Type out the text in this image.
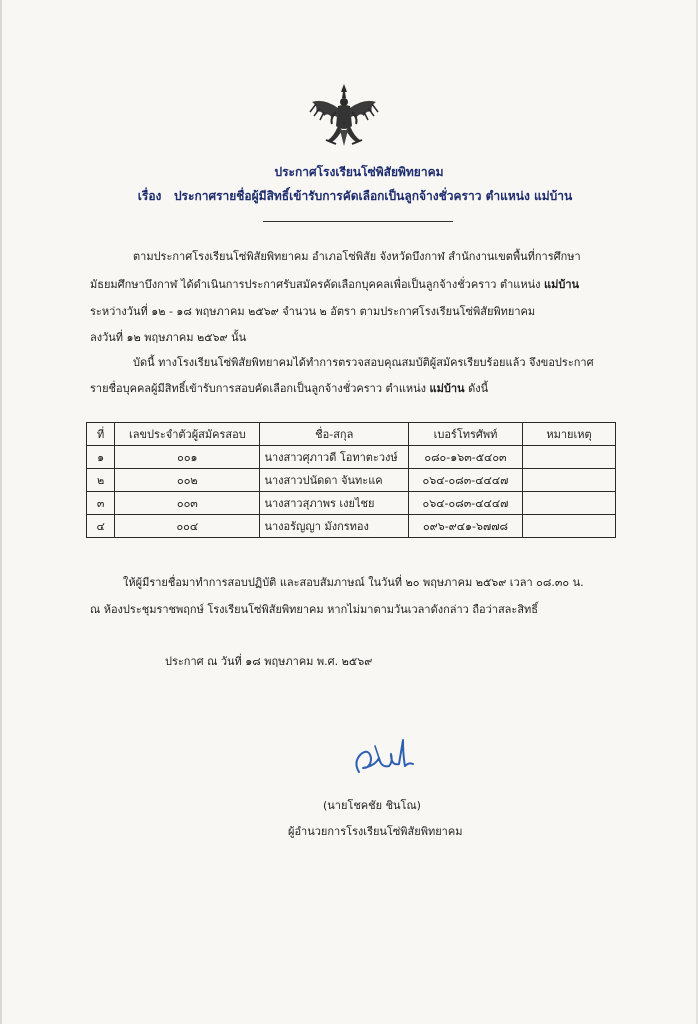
ประกาศโรงเรียนโซ่พิสัยพิทยาคม
เรื่อง ประกาศรายชื่อผู้มีสิทธิ์เข้ารับการคัดเลือกเป็นลูกจ้างชั่วคราว ตำแหน่ง แม่บ้าน
ตามประกาศโรงเรียนโซ่พิสัยพิทยาคม อำเภอโซ่พิสัย จังหวัดบึงกาฬ สำนักงานเขตพื้นที่การศึกษา
มัธยมศึกษาบึงกาฬ ได้ดำเนินการประกาศรับสมัครคัดเลือกบุคคลเพื่อเป็นลูกจ้างชั่วคราว ตำแหน่ง แม่บ้าน
ระหว่างวันที่ ๑๒ - ๑๘ พฤษภาคม ๒๕๖๙ จำนวน ๒ อัตรา ตามประกาศโรงเรียนโซ่พิสัยพิทยาคม
ลงวันที่ ๑๒ พฤษภาคม ๒๕๖๙ นั้น
บัดนี้ ทางโรงเรียนโซ่พิสัยพิทยาคมได้ทำการตรวจสอบคุณสมบัติผู้สมัครเรียบร้อยแล้ว จึงขอประกาศ
รายชื่อบุคคลผู้มีสิทธิ์เข้ารับการสอบคัดเลือกเป็นลูกจ้างชั่วคราว ตำแหน่ง แม่บ้าน ดังนี้
ที่	เลขประจำตัวผู้สมัครสอบ	ชื่อ-สกุล	เบอร์โทรศัพท์	หมายเหตุ
๑	๐๐๑	นางสาวศุภาวดี โอทาตะวงษ์	๐๘๐-๑๖๓-๕๔๐๓	
๒	๐๐๒	นางสาวปนัดดา จันทะแค	๐๖๔-๐๘๓-๔๔๔๗	
๓	๐๐๓	นางสาวสุภาพร เงยไชย	๐๖๔-๐๘๓-๔๔๔๗	
๔	๐๐๔	นางอรัญญา มังกรทอง	๐๙๖-๙๔๑-๖๗๗๘	
ให้ผู้มีรายชื่อมาทำการสอบปฏิบัติ และสอบสัมภาษณ์ ในวันที่ ๒๐ พฤษภาคม ๒๕๖๙ เวลา ๐๘.๓๐ น.
ณ ห้องประชุมราชพฤกษ์ โรงเรียนโซ่พิสัยพิทยาคม หากไม่มาตามวันเวลาดังกล่าว ถือว่าสละสิทธิ์
ประกาศ ณ วันที่ ๑๘ พฤษภาคม พ.ศ. ๒๕๖๙
(นายโชคชัย ชินโณ)
ผู้อำนวยการโรงเรียนโซ่พิสัยพิทยาคม
